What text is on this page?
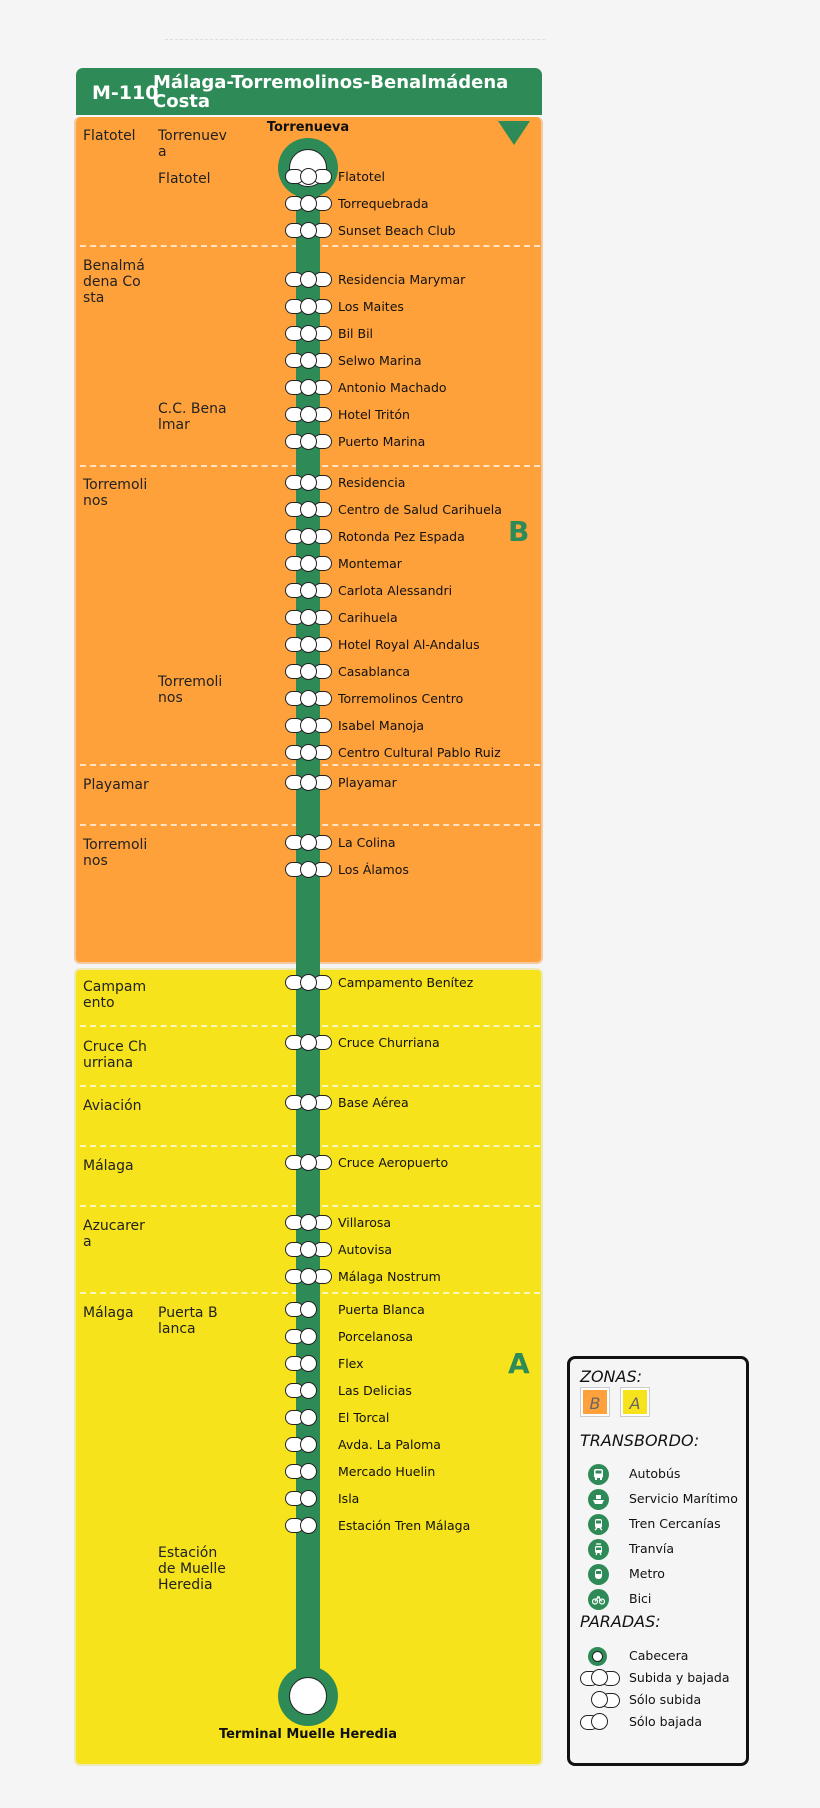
M-110
Málaga-Torremolinos-Benalmádena Costa
B
A
Flatotel
Benalmádena Costa
Torremolinos
Playamar
Torremolinos
Campamento
Cruce Churriana
Aviación
Málaga
Azucarera
Málaga
Torrenueva
Flatotel
C.C. Benalmar
Torremolinos
Puerta Blanca
Estación de Muelle Heredia
Torrenueva
Terminal Muelle Heredia
Flatotel
Torrequebrada
Sunset Beach Club
Residencia Marymar
Los Maites
Bil Bil
Selwo Marina
Antonio Machado
Hotel Tritón
Puerto Marina
Residencia
Centro de Salud Carihuela
Rotonda Pez Espada
Montemar
Carlota Alessandri
Carihuela
Hotel Royal Al-Andalus
Casablanca
Torremolinos Centro
Isabel Manoja
Centro Cultural Pablo Ruiz
Playamar
La Colina
Los Álamos
Campamento Benítez
Cruce Churriana
Base Aérea
Cruce Aeropuerto
Villarosa
Autovisa
Málaga Nostrum
Puerta Blanca
Porcelanosa
Flex
Las Delicias
El Torcal
Avda. La Paloma
Mercado Huelin
Isla
Estación Tren Málaga
ZONAS:
B	A
TRANSBORDO:
Autobús
Servicio Marítimo
Tren Cercanías
Tranvía
Metro
Bici
PARADAS:
Cabecera
Subida y bajada
Sólo subida
Sólo bajada
